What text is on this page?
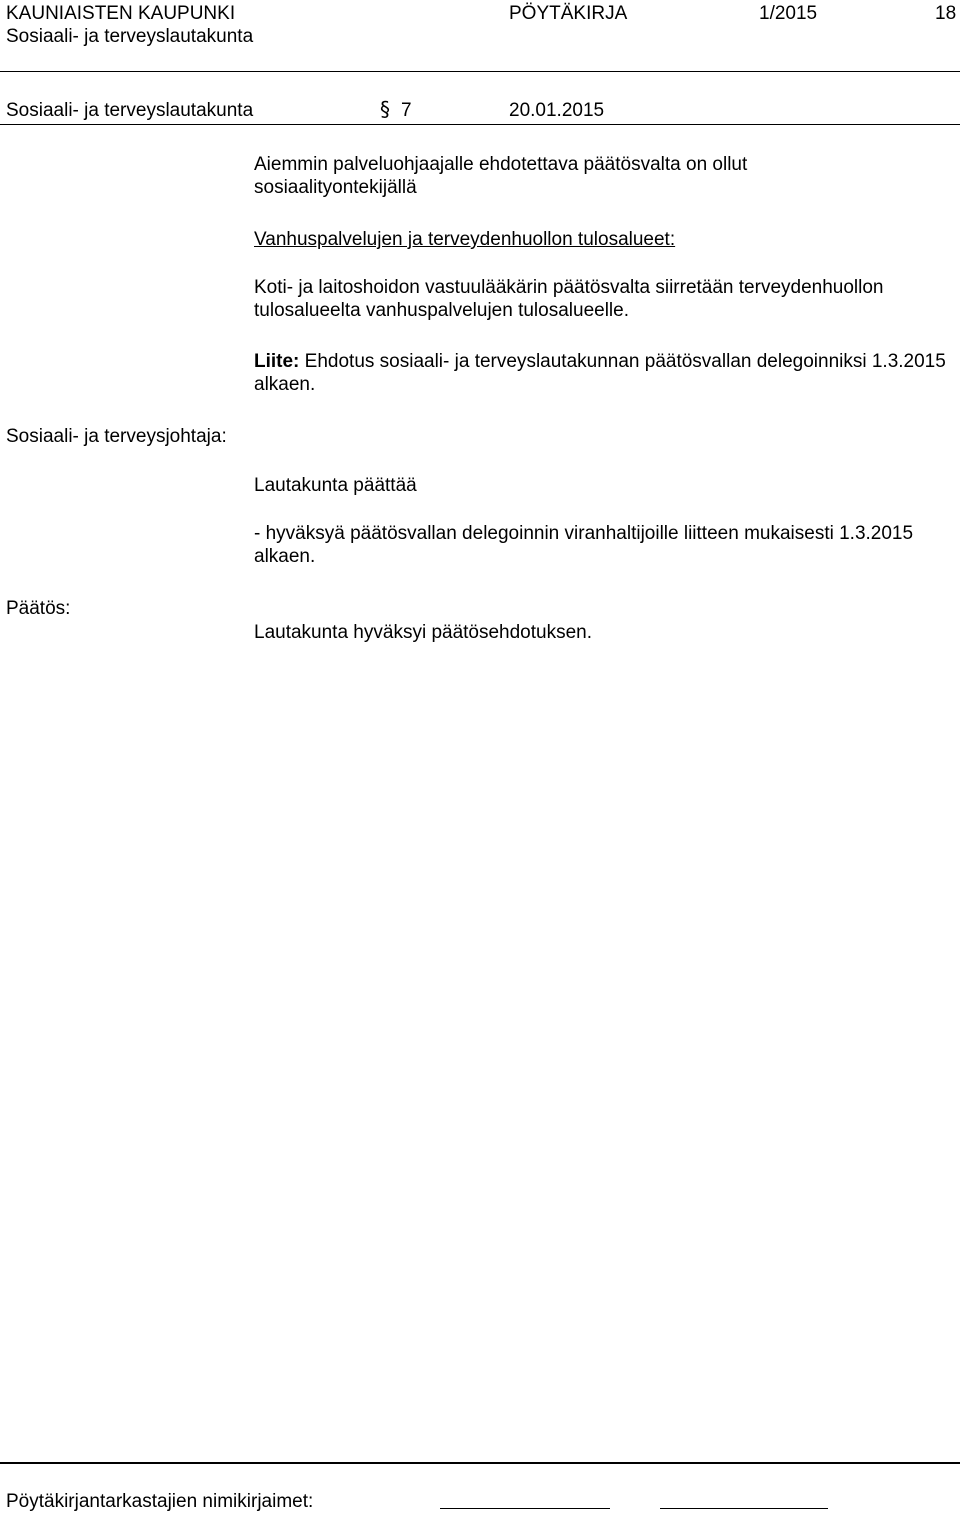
KAUNIAISTEN KAUPUNKI
Sosiaali- ja terveyslautakunta
PÖYTÄKIRJA	1/2015	18
Sosiaali- ja terveyslautakunta	§ 7	20.01.2015
Aiemmin palveluohjaajalle ehdotettava päätösvalta on ollut sosiaalityontekijällä
Vanhuspalvelujen ja terveydenhuollon tulosalueet:
Koti- ja laitoshoidon vastuulääkärin päätösvalta siirretään terveydenhuollon tulosalueelta vanhuspalvelujen tulosalueelle.
Liite: Ehdotus sosiaali- ja terveyslautakunnan päätösvallan delegoinniksi 1.3.2015 alkaen.
Sosiaali- ja terveysjohtaja:
Lautakunta päättää
- hyväksyä päätösvallan delegoinnin viranhaltijoille liitteen mukaisesti 1.3.2015 alkaen.
Päätös:
Lautakunta hyväksyi päätösehdotuksen.
Pöytäkirjantarkastajien nimikirjaimet:
